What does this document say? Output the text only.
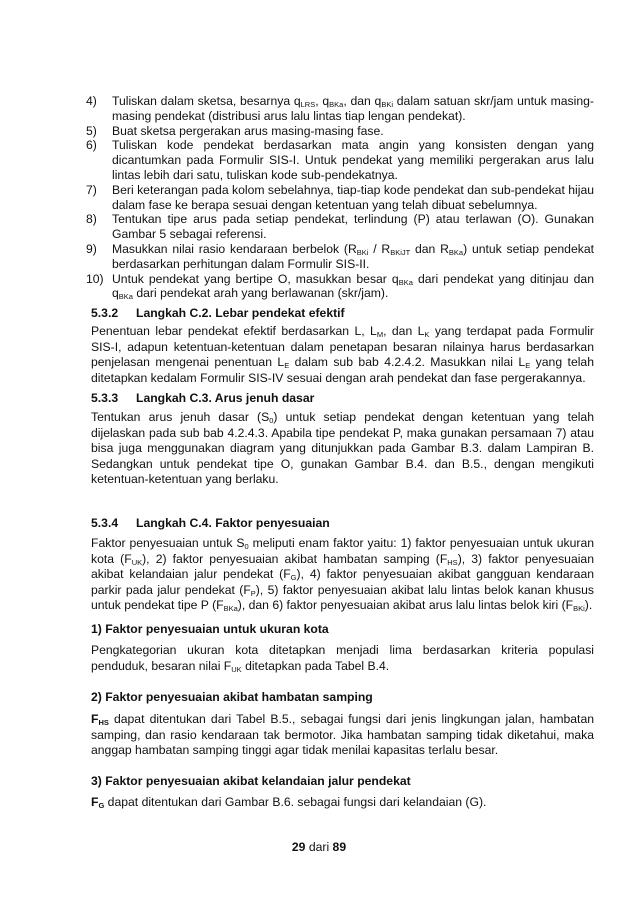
4) Tuliskan dalam sketsa, besarnya $q_{LRS}$, $q_{BKa}$, dan $q_{BKi}$ dalam satuan skr/jam untuk masing-masing pendekat (distribusi arus lalu lintas tiap lengan pendekat).
5) Buat sketsa pergerakan arus masing-masing fase.
6) Tuliskan kode pendekat berdasarkan mata angin yang konsisten dengan yang dicantumkan pada Formulir SIS-I. Untuk pendekat yang memiliki pergerakan arus lalu lintas lebih dari satu, tuliskan kode sub-pendekatnya.
7) Beri keterangan pada kolom sebelahnya, tiap-tiap kode pendekat dan sub-pendekat hijau dalam fase ke berapa sesuai dengan ketentuan yang telah dibuat sebelumnya.
8) Tentukan tipe arus pada setiap pendekat, terlindung (P) atau terlawan (O). Gunakan Gambar 5 sebagai referensi.
9) Masukkan nilai rasio kendaraan berbelok ($R_{BKi} / R_{BKiJT}$ dan $R_{BKa}$) untuk setiap pendekat berdasarkan perhitungan dalam Formulir SIS-II.
10) Untuk pendekat yang bertipe O, masukkan besar $q_{BKa}$ dari pendekat yang ditinjau dan $q_{BKa}$ dari pendekat arah yang berlawanan (skr/jam).
5.3.2 Langkah C.2. Lebar pendekat efektif

Penentuan lebar pendekat efektif berdasarkan L, $L_M$, dan $L_K$ yang terdapat pada Formulir SIS-I, adapun ketentuan-ketentuan dalam penetapan besaran nilainya harus berdasarkan penjelasan mengenai penentuan $L_E$ dalam sub bab 4.2.4.2. Masukkan nilai $L_E$ yang telah ditetapkan kedalam Formulir SIS-IV sesuai dengan arah pendekat dan fase pergerakannya.

5.3.3 Langkah C.3. Arus jenuh dasar

Tentukan arus jenuh dasar $(S_0)$ untuk setiap pendekat dengan ketentuan yang telah dijelaskan pada sub bab 4.2.4.3. Apabila tipe pendekat P, maka gunakan persamaan 7) atau bisa juga menggunakan diagram yang ditunjukkan pada Gambar B.3. dalam Lampiran B. Sedangkan untuk pendekat tipe O, gunakan Gambar B.4. dan B.5., dengan mengikuti ketentuan-ketentuan yang berlaku.

5.3.4 Langkah C.4. Faktor penyesuaian

Faktor penyesuaian untuk $S_0$ meliputi enam faktor yaitu: 1) faktor penyesuaian untuk ukuran kota $(F_{UK})$, 2) faktor penyesuaian akibat hambatan samping $(F_{HS})$, 3) faktor penyesuaian akibat kelandaian jalur pendekat $(F_G)$, 4) faktor penyesuaian akibat gangguan kendaraan parkir pada jalur pendekat $(F_P)$, 5) faktor penyesuaian akibat lalu lintas belok kanan khusus untuk pendekat tipe P $(F_{BKa})$, dan 6) faktor penyesuaian akibat arus lalu lintas belok kiri $(F_{BKi})$.

1) Faktor penyesuaian untuk ukuran kota

Pengkategorian ukuran kota ditetapkan menjadi lima berdasarkan kriteria populasi penduduk, besaran nilai $F_{UK}$ ditetapkan pada Tabel B.4.

2) Faktor penyesuaian akibat hambatan samping

$F_{HS}$ dapat ditentukan dari Tabel B.5., sebagai fungsi dari jenis lingkungan jalan, hambatan samping, dan rasio kendaraan tak bermotor. Jika hambatan samping tidak diketahui, maka anggap hambatan samping tinggi agar tidak menilai kapasitas terlalu besar.

3) Faktor penyesuaian akibat kelandaian jalur pendekat

$F_G$ dapat ditentukan dari Gambar B.6. sebagai fungsi dari kelandaian (G).

29 dari 89
